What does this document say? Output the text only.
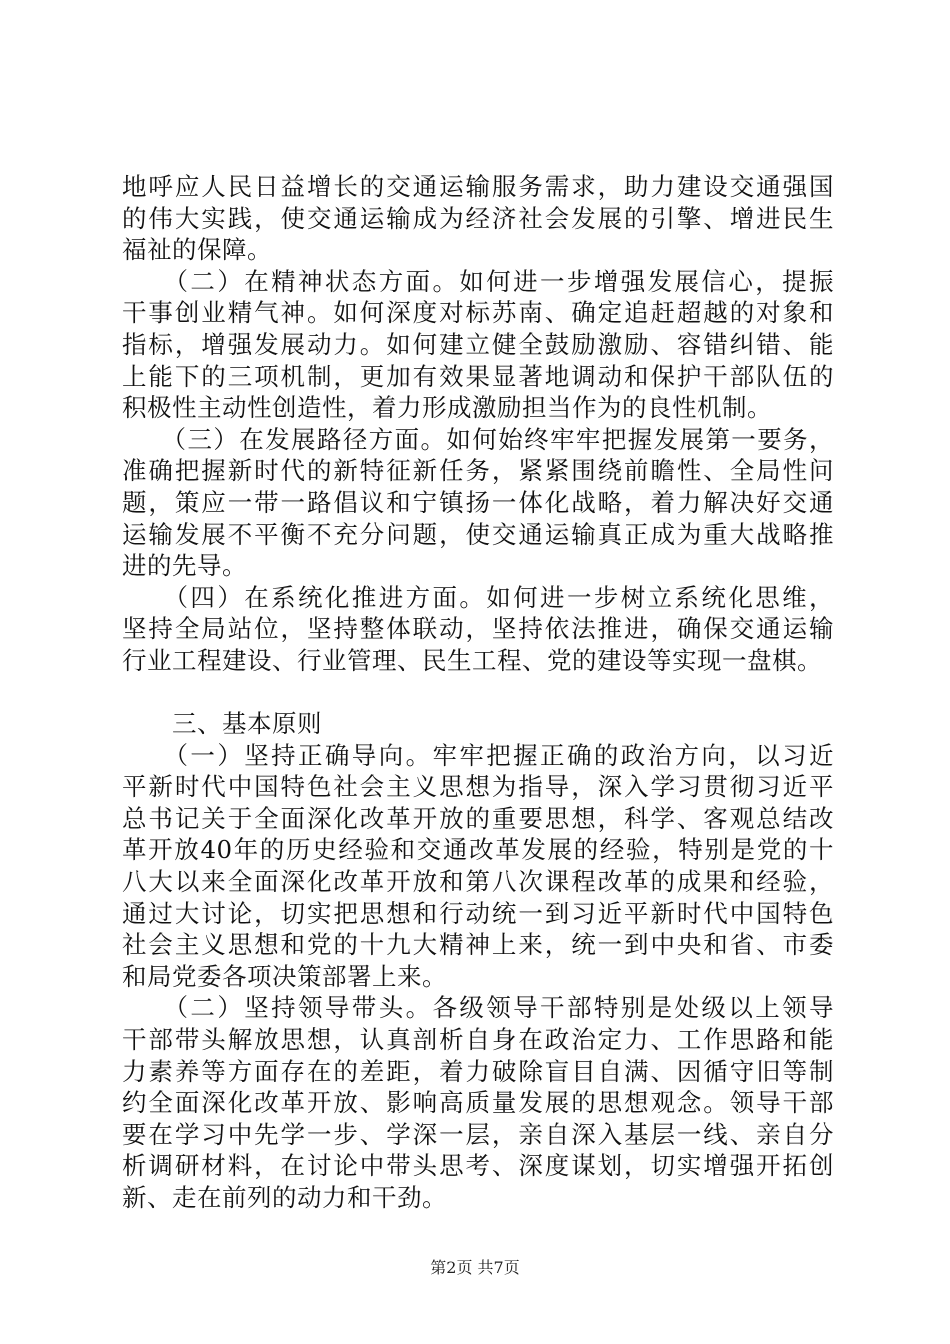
地呼应人民日益增长的交通运输服务需求，助力建设交通强国
的伟大实践，使交通运输成为经济社会发展的引擎、增进民生
福祉的保障。
　　（二）在精神状态方面。如何进一步增强发展信心，提振
干事创业精气神。如何深度对标苏南、确定追赶超越的对象和
指标，增强发展动力。如何建立健全鼓励激励、容错纠错、能
上能下的三项机制，更加有效果显著地调动和保护干部队伍的
积极性主动性创造性，着力形成激励担当作为的良性机制。
　　（三）在发展路径方面。如何始终牢牢把握发展第一要务，
准确把握新时代的新特征新任务，紧紧围绕前瞻性、全局性问
题，策应一带一路倡议和宁镇扬一体化战略，着力解决好交通
运输发展不平衡不充分问题，使交通运输真正成为重大战略推
进的先导。
　　（四）在系统化推进方面。如何进一步树立系统化思维，
坚持全局站位，坚持整体联动，坚持依法推进，确保交通运输
行业工程建设、行业管理、民生工程、党的建设等实现一盘棋。
　　三、基本原则
　　（一）坚持正确导向。牢牢把握正确的政治方向，以习近
平新时代中国特色社会主义思想为指导，深入学习贯彻习近平
总书记关于全面深化改革开放的重要思想，科学、客观总结改
革开放40年的历史经验和交通改革发展的经验，特别是党的十
八大以来全面深化改革开放和第八次课程改革的成果和经验，
通过大讨论，切实把思想和行动统一到习近平新时代中国特色
社会主义思想和党的十九大精神上来，统一到中央和省、市委
和局党委各项决策部署上来。
　　（二）坚持领导带头。各级领导干部特别是处级以上领导
干部带头解放思想，认真剖析自身在政治定力、工作思路和能
力素养等方面存在的差距，着力破除盲目自满、因循守旧等制
约全面深化改革开放、影响高质量发展的思想观念。领导干部
要在学习中先学一步、学深一层，亲自深入基层一线、亲自分
析调研材料，在讨论中带头思考、深度谋划，切实增强开拓创
新、走在前列的动力和干劲。
第2页 共7页
